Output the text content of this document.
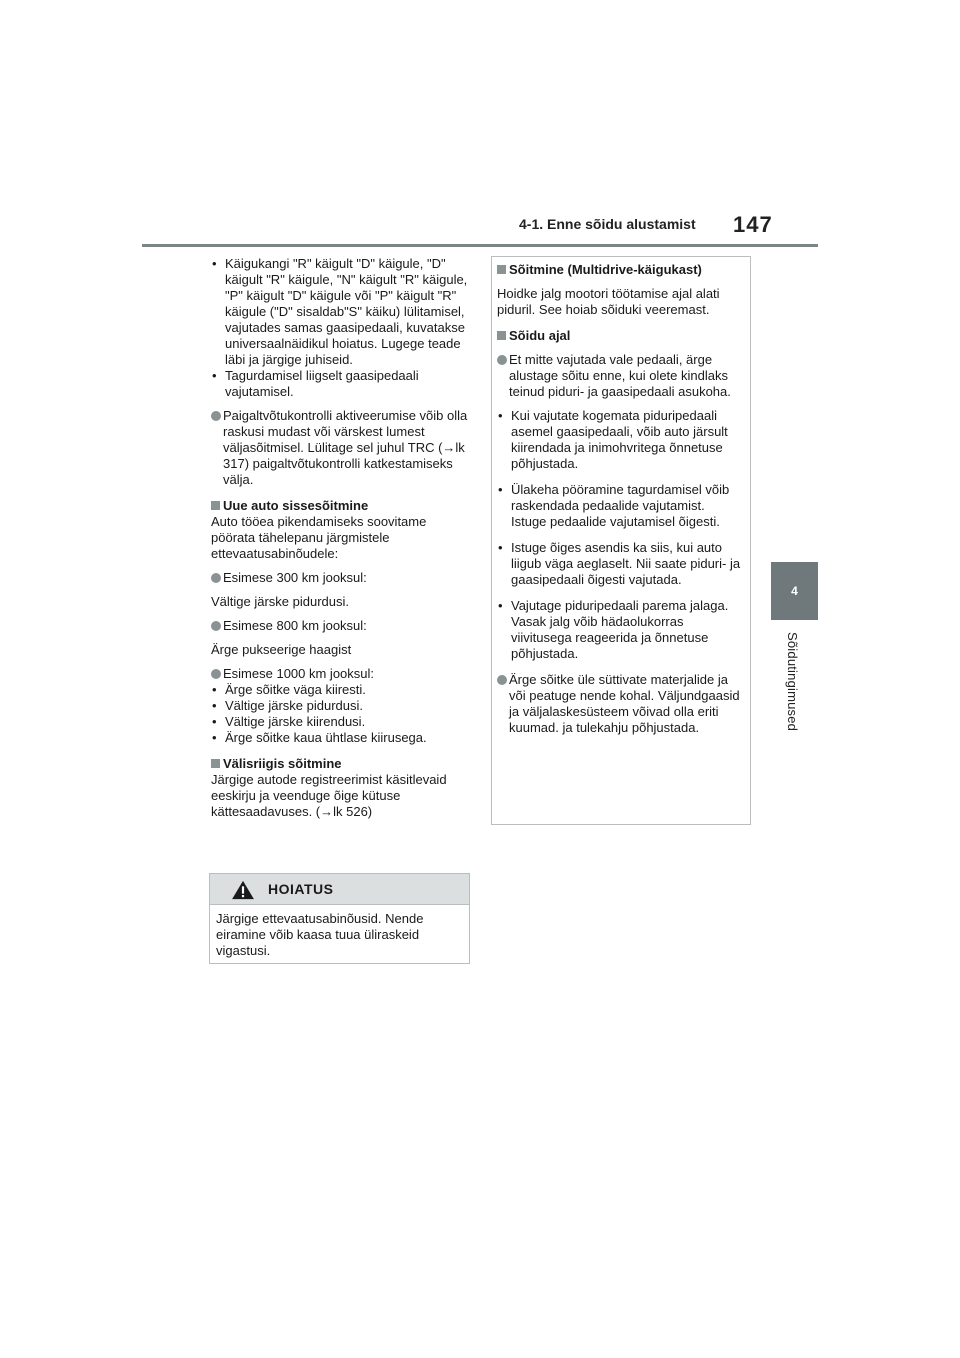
4-1. Enne sõidu alustamist 147
4
Sõidutingimused
• Käigukangi "R" käigult "D" käigule, "D" käigult "R" käigule, "N" käigult "R" käigule, "P" käigult "D" käigule või "P" käigult "R" käigule ("D" sisaldab"S" käiku) lülitamisel, vajutades samas gaasipedaali, kuvatakse universaalnäidikul hoiatus. Lugege teade läbi ja järgige juhiseid.
• Tagurdamisel liigselt gaasipedaali vajutamisel.

Paigaltvõtukontrolli aktiveerumise võib olla raskusi mudast või värskest lumest väljasõitmisel. Lülitage sel juhul TRC (→lk 317) paigaltvõtukontrolli katkestamiseks välja.

Uue auto sissesõitmine

Auto tööea pikendamiseks soovitame pöörata tähelepanu järgmistele ettevaatusabinõudele:

Esimese 300 km jooksul:

Vältige järske pidurdusi.

Esimese 800 km jooksul:

Ärge pukseerige haagist

Esimese 1000 km jooksul:

• Ärge sõitke väga kiiresti.
• Vältige järske pidurdusi.
• Vältige järske kiirendusi.
• Ärge sõitke kaua ühtlase kiirusega.
Välisriigis sõitmine

Järgige autode registreerimist käsitlevaid eeskirju ja veenduge õige kütuse kättesaadavuses. (→lk 526)

HOIATUS
Järgige ettevaatusabinõusid. Nende eiramine võib kaasa tuua üliraskeid vigastusi.
Sõitmine (Multidrive-käigukast)

Hoidke jalg mootori töötamise ajal alati piduril. See hoiab sõiduki veeremast.

Sõidu ajal

Et mitte vajutada vale pedaali, ärge alustage sõitu enne, kui olete kindlaks teinud piduri- ja gaasipedaali asukoha.

• Kui vajutate kogemata piduripedaali asemel gaasipedaali, võib auto järsult kiirendada ja inimohvritega õnnetuse põhjustada.
• Ülakeha pööramine tagurdamisel võib raskendada pedaalide vajutamist. Istuge pedaalide vajutamisel õigesti.
• Istuge õiges asendis ka siis, kui auto liigub väga aeglaselt. Nii saate piduri- ja gaasipedaali õigesti vajutada.
• Vajutage piduripedaali parema jalaga. Vasak jalg võib hädaolukorras viivitusega reageerida ja õnnetuse põhjustada.

Ärge sõitke üle süttivate materjalide ja või peatuge nende kohal. Väljundgaasid ja väljalaskesüsteem võivad olla eriti kuumad. ja tulekahju põhjustada.
